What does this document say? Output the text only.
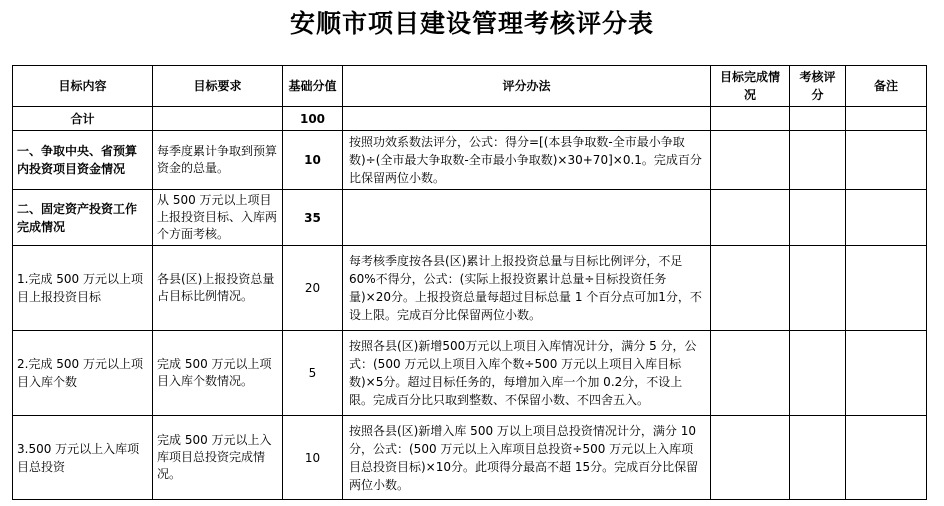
安顺市项目建设管理考核评分表
目标内容	目标要求	基础分值	评分办法	目标完成情况	考核评分	备注
合计		100				
一、争取中央、省预算内投资项目资金情况	每季度累计争取到预算资金的总量。	10	按照功效系数法评分，公式：得分=[(本县争取数-全市最小争取数)÷(全市最大争取数-全市最小争取数)×30+70]×0.1。完成百分比保留两位小数。			
二、固定资产投资工作完成情况	从 500 万元以上项目上报投资目标、入库两个方面考核。	35				
1.完成 500 万元以上项目上报投资目标	各县(区)上报投资总量占目标比例情况。	20	每考核季度按各县(区)累计上报投资总量与目标比例评分，不足60%不得分，公式：(实际上报投资累计总量÷目标投资任务量)×20分。上报投资总量每超过目标总量 1 个百分点可加1分，不设上限。完成百分比保留两位小数。			
2.完成 500 万元以上项目入库个数	完成 500 万元以上项目入库个数情况。	5	按照各县(区)新增500万元以上项目入库情况计分，满分 5 分，公式：(500 万元以上项目入库个数÷500 万元以上项目入库目标数)×5分。超过目标任务的，每增加入库一个加 0.2分，不设上限。完成百分比只取到整数、不保留小数、不四舍五入。			
3.500 万元以上入库项目总投资	完成 500 万元以上入库项目总投资完成情况。	10	按照各县(区)新增入库 500 万以上项目总投资情况计分，满分 10 分，公式：(500 万元以上入库项目总投资÷500 万元以上入库项目总投资目标)×10分。此项得分最高不超 15分。完成百分比保留两位小数。			
